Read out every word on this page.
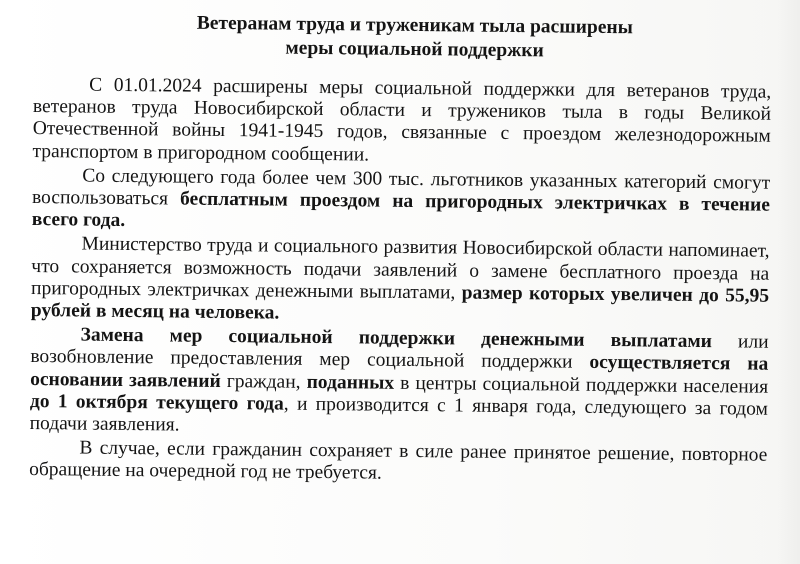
Ветеранам труда и труженикам тыла расширены
меры социальной поддержки

С 01.01.2024 расширены меры социальной поддержки для ветеранов труда, ветеранов труда Новосибирской области и тружеников тыла в годы Великой Отечественной войны 1941-1945 годов, связанные с проездом железнодорожным транспортом в пригородном сообщении.

Со следующего года более чем 300 тыс. льготников указанных категорий смогут воспользоваться бесплатным проездом на пригородных электричках в течение всего года.

Министерство труда и социального развития Новосибирской области напоминает, что сохраняется возможность подачи заявлений о замене бесплатного проезда на пригородных электричках денежными выплатами, размер которых увеличен до 55,95 рублей в месяц на человека.

Замена мер социальной поддержки денежными выплатами или возобновление предоставления мер социальной поддержки осуществляется на основании заявлений граждан, поданных в центры социальной поддержки населения до 1 октября текущего года, и производится с 1 января года, следующего за годом подачи заявления.

В случае, если гражданин сохраняет в силе ранее принятое решение, повторное обращение на очередной год не требуется.
